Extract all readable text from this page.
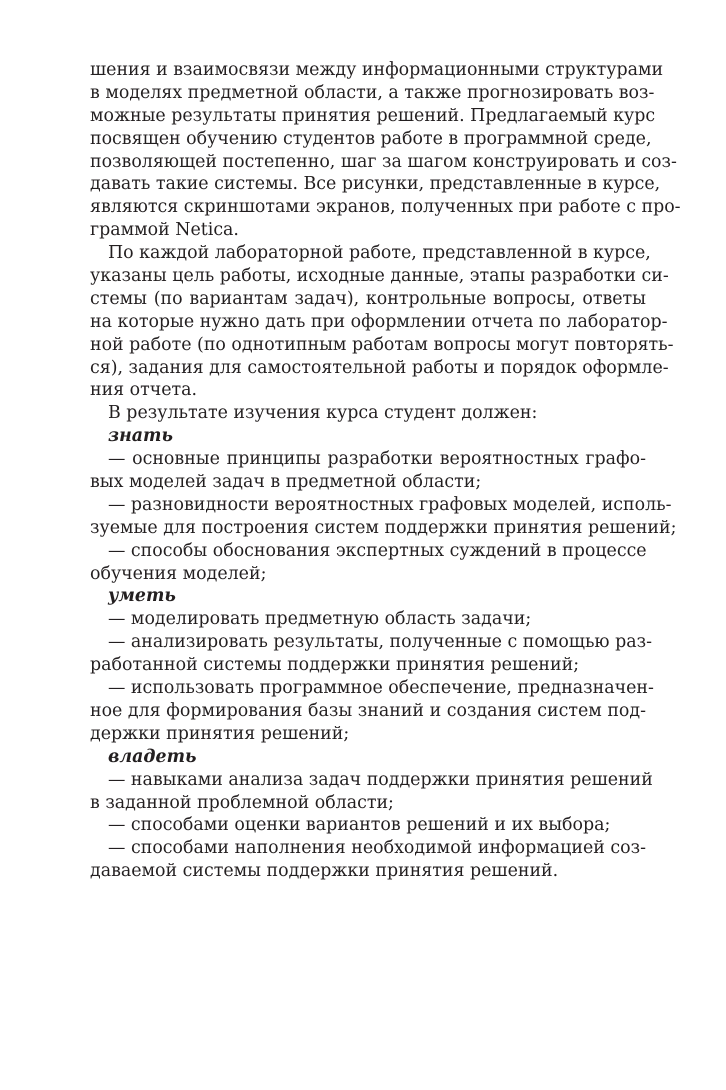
шения и взаимосвязи между информационными структурами
в моделях предметной области, а также прогнозировать воз-
можные результаты принятия решений. Предлагаемый курс
посвящен обучению студентов работе в программной среде,
позволяющей постепенно, шаг за шагом конструировать и соз-
давать такие системы. Все рисунки, представленные в курсе,
являются скриншотами экранов, полученных при работе с про-
граммой Netica.
По каждой лабораторной работе, представленной в курсе,
указаны цель работы, исходные данные, этапы разработки си-
стемы (по вариантам задач), контрольные вопросы, ответы
на которые нужно дать при оформлении отчета по лаборатор-
ной работе (по однотипным работам вопросы могут повторять-
ся), задания для самостоятельной работы и порядок оформле-
ния отчета.
В результате изучения курса студент должен:
знать
— основные принципы разработки вероятностных графо-
вых моделей задач в предметной области;
— разновидности вероятностных графовых моделей, исполь-
зуемые для построения систем поддержки принятия решений;
— способы обоснования экспертных суждений в процессе
обучения моделей;
уметь
— моделировать предметную область задачи;
— анализировать результаты, полученные с помощью раз-
работанной системы поддержки принятия решений;
— использовать программное обеспечение, предназначен-
ное для формирования базы знаний и создания систем под-
держки принятия решений;
владеть
— навыками анализа задач поддержки принятия решений
в заданной проблемной области;
— способами оценки вариантов решений и их выбора;
— способами наполнения необходимой информацией соз-
даваемой системы поддержки принятия решений.
